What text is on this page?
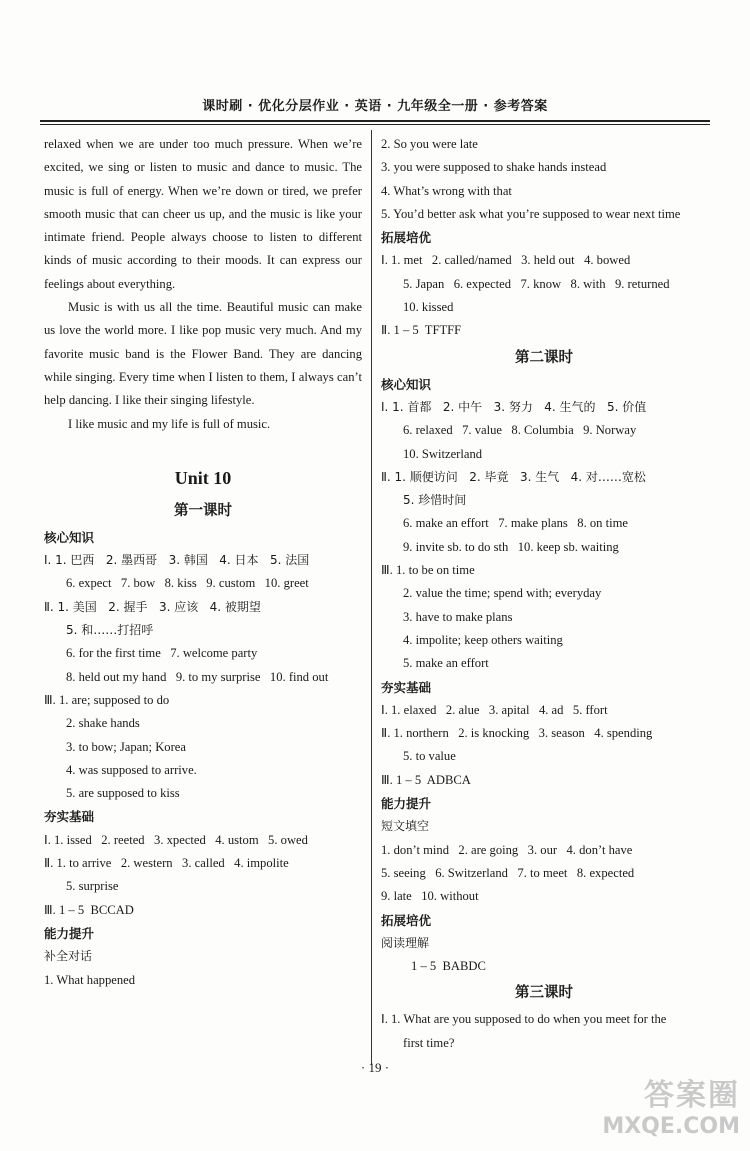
课时刷 · 优化分层作业 · 英语 · 九年级全一册 · 参考答案
relaxed when we are under too much pressure. When we’re excited, we sing or listen to music and dance to music. The music is full of energy. When we’re down or tired, we prefer smooth music that can cheer us up, and the music is like your intimate friend. People always choose to listen to different kinds of music according to their moods. It can express our feelings about everything.
Music is with us all the time. Beautiful music can make us love the world more. I like pop music very much. And my favorite music band is the Flower Band. They are dancing while singing. Every time when I listen to them, I always can’t help dancing. I like their singing lifestyle.
I like music and my life is full of music.
Unit 10
第一课时
核心知识
Ⅰ. 1. 巴西   2. 墨西哥   3. 韩国   4. 日本   5. 法国
6. expect   7. bow   8. kiss   9. custom   10. greet
Ⅱ. 1. 美国   2. 握手   3. 应该   4. 被期望
5. 和……打招呼
6. for the first time   7. welcome party
8. held out my hand   9. to my surprise   10. find out
Ⅲ. 1. are; supposed to do
2. shake hands
3. to bow; Japan; Korea
4. was supposed to arrive.
5. are supposed to kiss
夯实基础
Ⅰ. 1. issed   2. reeted   3. xpected   4. ustom   5. owed
Ⅱ. 1. to arrive   2. western   3. called   4. impolite
5. surprise
Ⅲ. 1 – 5  BCCAD
能力提升
补全对话
1. What happened
2. So you were late
3. you were supposed to shake hands instead
4. What’s wrong with that
5. You’d better ask what you’re supposed to wear next time
拓展培优
Ⅰ. 1. met   2. called/named   3. held out   4. bowed
5. Japan   6. expected   7. know   8. with   9. returned
10. kissed
Ⅱ. 1 – 5  TFTFF
第二课时
核心知识
Ⅰ. 1. 首都   2. 中午   3. 努力   4. 生气的   5. 价值
6. relaxed   7. value   8. Columbia   9. Norway
10. Switzerland
Ⅱ. 1. 顺便访问   2. 毕竟   3. 生气   4. 对……宽松
5. 珍惜时间
6. make an effort   7. make plans   8. on time
9. invite sb. to do sth   10. keep sb. waiting
Ⅲ. 1. to be on time
2. value the time; spend with; everyday
3. have to make plans
4. impolite; keep others waiting
5. make an effort
夯实基础
Ⅰ. 1. elaxed   2. alue   3. apital   4. ad   5. ffort
Ⅱ. 1. northern   2. is knocking   3. season   4. spending
5. to value
Ⅲ. 1 – 5  ADBCA
能力提升
短文填空
1. don’t mind   2. are going   3. our   4. don’t have
5. seeing   6. Switzerland   7. to meet   8. expected
9. late   10. without
拓展培优
阅读理解
1 – 5  BABDC
第三课时
Ⅰ. 1. What are you supposed to do when you meet for the
first time?
· 19 ·
答案圈
MXQE.COM
